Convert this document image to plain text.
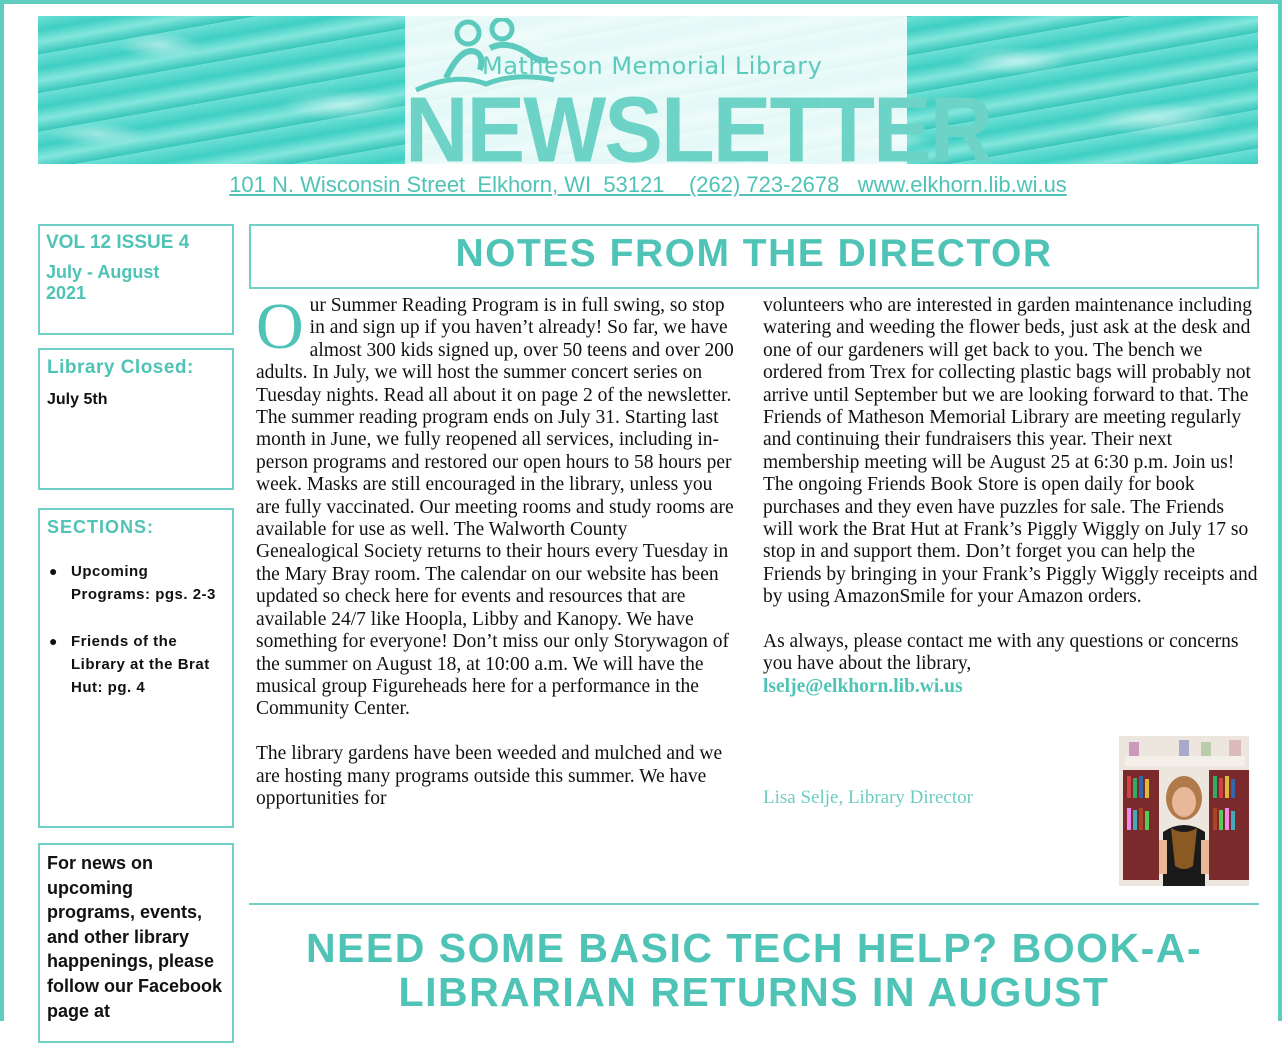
Matheson Memorial Library
NEWSLETTER
101 N. Wisconsin Street  Elkhorn, WI  53121    (262) 723-2678   www.elkhorn.lib.wi.us
VOL 12 ISSUE 4
July - August
2021
Library Closed:
July 5th
SECTIONS:
● Upcoming Programs: pgs. 2-3
● Friends of the Library at the Brat Hut: pg. 4
For news on upcoming programs, events, and other library happenings, please follow our Facebook page at
NOTES FROM THE DIRECTOR

Our Summer Reading Program is in full swing, so stop in and sign up if you haven’t already! So far, we have almost 300 kids signed up, over 50 teens and over 200 adults. In July, we will host the summer concert series on Tuesday nights. Read all about it on page 2 of the newsletter. The summer reading program ends on July 31. Starting last month in June, we fully reopened all services, including in-person programs and restored our open hours to 58 hours per week. Masks are still encouraged in the library, unless you are fully vaccinated. Our meeting rooms and study rooms are available for use as well. The Walworth County Genealogical Society returns to their hours every Tuesday in the Mary Bray room. The calendar on our website has been updated so check here for events and resources that are available 24/7 like Hoopla, Libby and Kanopy. We have something for everyone! Don’t miss our only Storywagon of the summer on August 18, at 10:00 a.m. We will have the musical group Figureheads here for a performance in the Community Center.

The library gardens have been weeded and mulched and we are hosting many programs outside this summer. We have opportunities for

volunteers who are interested in garden maintenance including watering and weeding the flower beds, just ask at the desk and one of our gardeners will get back to you. The bench we ordered from Trex for collecting plastic bags will probably not arrive until September but we are looking forward to that. The Friends of Matheson Memorial Library are meeting regularly and continuing their fundraisers this year. Their next membership meeting will be August 25 at 6:30 p.m. Join us! The ongoing Friends Book Store is open daily for book purchases and they even have puzzles for sale. The Friends will work the Brat Hut at Frank’s Piggly Wiggly on July 17 so stop in and support them. Don’t forget you can help the Friends by bringing in your Frank’s Piggly Wiggly receipts and by using AmazonSmile for your Amazon orders.

As always, please contact me with any questions or concerns you have about the library,
lselje@elkhorn.lib.wi.us

Lisa Selje, Library Director
NEED SOME BASIC TECH HELP? BOOK-A-LIBRARIAN RETURNS IN AUGUST
